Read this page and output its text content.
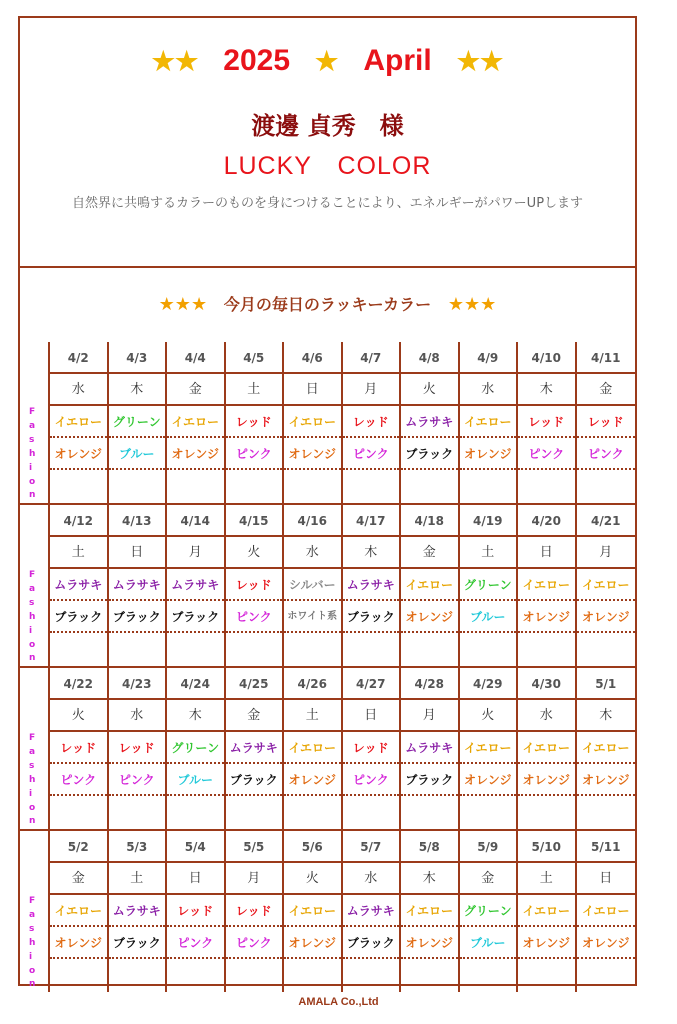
★★ 2025 ★ April ★★
渡邊 貞秀　様
LUCKY　COLOR
自然界に共鳴するカラーのものを身につけることにより、エネルギーがパワーUPします
★★★ 今月の毎日のラッキーカラー ★★★
F
a
s
h
i
o
n
4/2
水
イエロー
オレンジ
4/3
木
グリーン
ブルー
4/4
金
イエロー
オレンジ
4/5
土
レッド
ピンク
4/6
日
イエロー
オレンジ
4/7
月
レッド
ピンク
4/8
火
ムラサキ
ブラック
4/9
水
イエロー
オレンジ
4/10
木
レッド
ピンク
4/11
金
レッド
ピンク
F
a
s
h
i
o
n
4/12
土
ムラサキ
ブラック
4/13
日
ムラサキ
ブラック
4/14
月
ムラサキ
ブラック
4/15
火
レッド
ピンク
4/16
水
シルバー
ホワイト系
4/17
木
ムラサキ
ブラック
4/18
金
イエロー
オレンジ
4/19
土
グリーン
ブルー
4/20
日
イエロー
オレンジ
4/21
月
イエロー
オレンジ
F
a
s
h
i
o
n
4/22
火
レッド
ピンク
4/23
水
レッド
ピンク
4/24
木
グリーン
ブルー
4/25
金
ムラサキ
ブラック
4/26
土
イエロー
オレンジ
4/27
日
レッド
ピンク
4/28
月
ムラサキ
ブラック
4/29
火
イエロー
オレンジ
4/30
水
イエロー
オレンジ
5/1
木
イエロー
オレンジ
F
a
s
h
i
o
n
5/2
金
イエロー
オレンジ
5/3
土
ムラサキ
ブラック
5/4
日
レッド
ピンク
5/5
月
レッド
ピンク
5/6
火
イエロー
オレンジ
5/7
水
ムラサキ
ブラック
5/8
木
イエロー
オレンジ
5/9
金
グリーン
ブルー
5/10
土
イエロー
オレンジ
5/11
日
イエロー
オレンジ
AMALA Co.,Ltd
